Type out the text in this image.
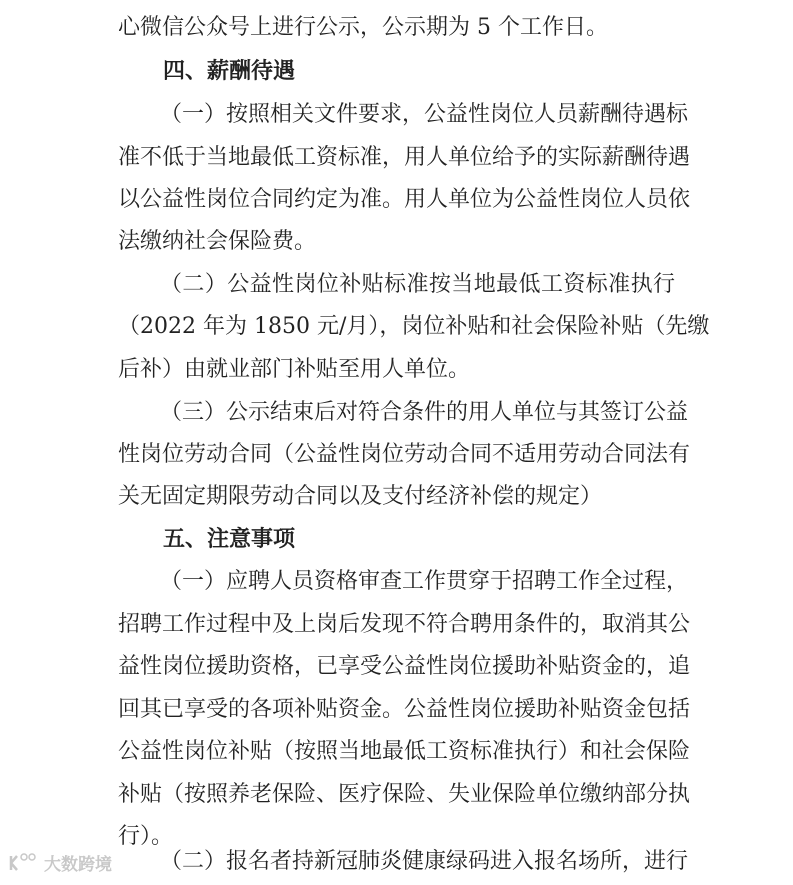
心微信公众号上进行公示，公示期为 5 个工作日。
四、薪酬待遇
（一）按照相关文件要求，公益性岗位人员薪酬待遇标
准不低于当地最低工资标准，用人单位给予的实际薪酬待遇
以公益性岗位合同约定为准。用人单位为公益性岗位人员依
法缴纳社会保险费。
（二）公益性岗位补贴标准按当地最低工资标准执行
（2022 年为 1850 元/月），岗位补贴和社会保险补贴（先缴
后补）由就业部门补贴至用人单位。
（三）公示结束后对符合条件的用人单位与其签订公益
性岗位劳动合同（公益性岗位劳动合同不适用劳动合同法有
关无固定期限劳动合同以及支付经济补偿的规定）
五、注意事项
（一）应聘人员资格审查工作贯穿于招聘工作全过程，
招聘工作过程中及上岗后发现不符合聘用条件的，取消其公
益性岗位援助资格，已享受公益性岗位援助补贴资金的，追
回其已享受的各项补贴资金。公益性岗位援助补贴资金包括
公益性岗位补贴（按照当地最低工资标准执行）和社会保险
补贴（按照养老保险、医疗保险、失业保险单位缴纳部分执
行）。
（二）报名者持新冠肺炎健康绿码进入报名场所，进行
大数跨境
